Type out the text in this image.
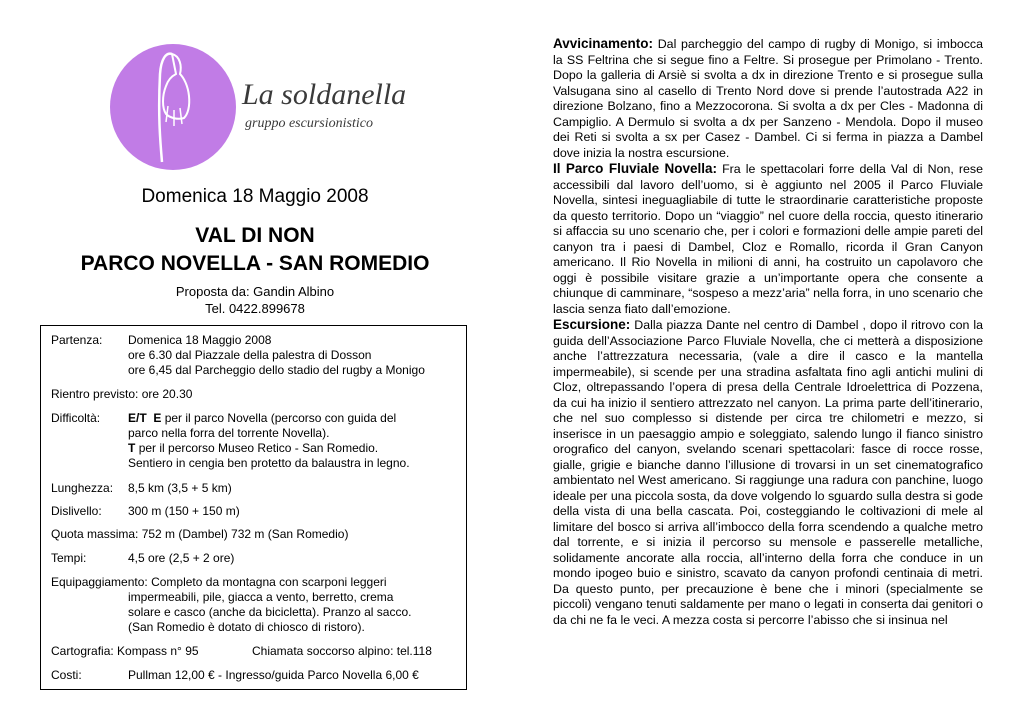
La soldanella
gruppo escursionistico
Domenica 18 Maggio 2008
VAL DI NON
PARCO NOVELLA - SAN ROMEDIO
Proposta da: Gandin Albino
Tel. 0422.899678
Partenza: Domenica 18 Maggio 2008
ore 6.30 dal Piazzale della palestra di Dosson
ore 6,45 dal Parcheggio dello stadio del rugby a Monigo
Rientro previsto: ore 20.30
Difficoltà: E/T E per il parco Novella (percorso con guida del
parco nella forra del torrente Novella).
T per il percorso Museo Retico - San Romedio.
Sentiero in cengia ben protetto da balaustra in legno.
Lunghezza: 8,5 km (3,5 + 5 km)
Dislivello: 300 m (150 + 150 m)
Quota massima: 752 m (Dambel) 732 m (San Romedio)
Tempi:	4,5 ore (2,5 + 2 ore)
Equipaggiamento: Completo da montagna con scarponi leggeri
impermeabili, pile, giacca a vento, berretto, crema
solare e casco (anche da bicicletta). Pranzo al sacco.
(San Romedio è dotato di chiosco di ristoro).
Cartografia: Kompass n° 95	Chiamata soccorso alpino: tel.118
Costi:	Pullman 12,00 € - Ingresso/guida Parco Novella 6,00 €

Avvicinamento: Dal parcheggio del campo di rugby di Monigo, si imbocca la SS Feltrina che si segue fino a Feltre. Si prosegue per Primolano - Trento. Dopo la galleria di Arsiè si svolta a dx in direzione Trento e si prosegue sulla Valsugana sino al casello di Trento Nord dove si prende l’autostrada A22 in direzione Bolzano, fino a Mezzocorona. Si svolta a dx per Cles - Madonna di Campiglio. A Dermulo si svolta a dx per Sanzeno - Mendola. Dopo il museo dei Reti si svolta a sx per Casez - Dambel. Ci si ferma in piazza a Dambel dove inizia la nostra escursione.

Il Parco Fluviale Novella: Fra le spettacolari forre della Val di Non, rese accessibili dal lavoro dell’uomo, si è aggiunto nel 2005 il Parco Fluviale Novella, sintesi ineguagliabile di tutte le straordinarie caratteristiche proposte da questo territorio. Dopo un “viaggio” nel cuore della roccia, questo itinerario si affaccia su uno scenario che, per i colori e formazioni delle ampie pareti del canyon tra i paesi di Dambel, Cloz e Romallo, ricorda il Gran Canyon americano. Il Rio Novella in milioni di anni, ha costruito un capolavoro che oggi è possibile visitare grazie a un’importante opera che consente a chiunque di camminare, “sospeso a mezz’aria” nella forra, in uno scenario che lascia senza fiato dall’emozione.

Escursione: Dalla piazza Dante nel centro di Dambel , dopo il ritrovo con la guida dell’Associazione Parco Fluviale Novella, che ci metterà a disposizione anche l’attrezzatura necessaria, (vale a dire il casco e la mantella impermeabile), si scende per una stradina asfaltata fino agli antichi mulini di Cloz, oltrepassando l’opera di presa della Centrale Idroelettrica di Pozzena, da cui ha inizio il sentiero attrezzato nel canyon. La prima parte dell’itinerario, che nel suo complesso si distende per circa tre chilometri e mezzo, si inserisce in un paesaggio ampio e soleggiato, salendo lungo il fianco sinistro orografico del canyon, svelando scenari spettacolari: fasce di rocce rosse, gialle, grigie e bianche danno l’illusione di trovarsi in un set cinematografico ambientato nel West americano. Si raggiunge una radura con panchine, luogo ideale per una piccola sosta, da dove volgendo lo sguardo sulla destra si gode della vista di una bella cascata. Poi, costeggiando le coltivazioni di mele al limitare del bosco si arriva all’imbocco della forra scendendo a qualche metro dal torrente, e si inizia il percorso su mensole e passerelle metalliche, solidamente ancorate alla roccia, all’interno della forra che conduce in un mondo ipogeo buio e sinistro, scavato da canyon profondi centinaia di metri. Da questo punto, per precauzione è bene che i minori (specialmente se piccoli) vengano tenuti saldamente per mano o legati in conserta dai genitori o da chi ne fa le veci. A mezza costa si percorre l’abisso che si insinua nel
